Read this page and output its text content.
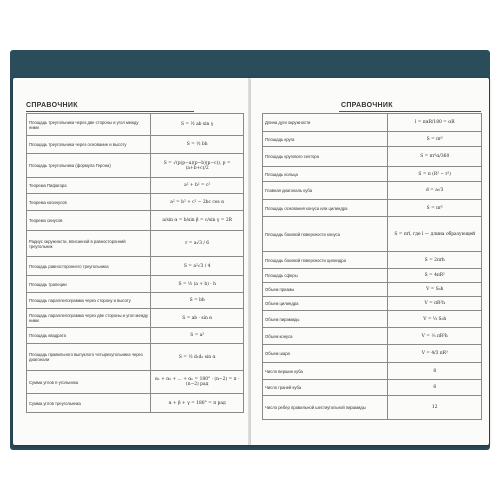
СПРАВОЧНИК
Площадь треугольника через две стороны и угол между ними	S = ½ ab sin γ
Площадь треугольника через основание и высоту	S = ½ bh
Площадь треугольника (формула Герона)	S = √(p(p−a)(p−b)(p−c)), p = (a+b+c)/2
Теорема Пифагора	a² + b² = c²
Теорема косинусов	a² = b² + c² − 2bc cos α
Теорема синусов	a/sin α = b/sin β = c/sin γ = 2R
Радиус окружности, вписанной в равносторонний треугольник	r = a√3 / 6
Площадь равностороннего треугольника	S = a²√3 / 4
Площадь трапеции	S = ½ (a + b) · h
Площадь параллелограмма через сторону и высоту	S = bh
Площадь параллелограмма через две стороны и угол между ними	S = ab · sin α
Площадь квадрата	S = a²
Площадь правильного выпуклого четырехугольника через диагонали	S = ½ d₁d₂ sin α
Сумма углов n-угольника	α₁ + α₂ + … + αₙ = 180° · (n−2) = π · (n−2) рад
Сумма углов треугольника	α + β + γ = 180° = π рад
СПРАВОЧНИК
Длина дуги окружности	l = παR/180 = αR
Площадь круга	S = πr²
Площадь кругового сектора	S = πr²α/360
Площадь кольца	S = π (R² − r²)
Главная диагональ куба	d = a√3
Площадь основания конуса или цилиндра	S = πr²
Площадь боковой поверхности конуса	S = πrl, где l — длина образующей
Площадь боковой поверхности цилиндра	S = 2πrh
Площадь сферы	S = 4πR²
Объем призмы	V = S₀h
Объем цилиндра	V = πR²h
Объем пирамиды	V = ⅓ S₀h
Объем конуса	V = ⅓ πR²h
Объем шара	V = 4/3 πR³
Число вершин куба	8
Число граней куба	6
Число ребер правильной шестиугольной пирамиды	12
